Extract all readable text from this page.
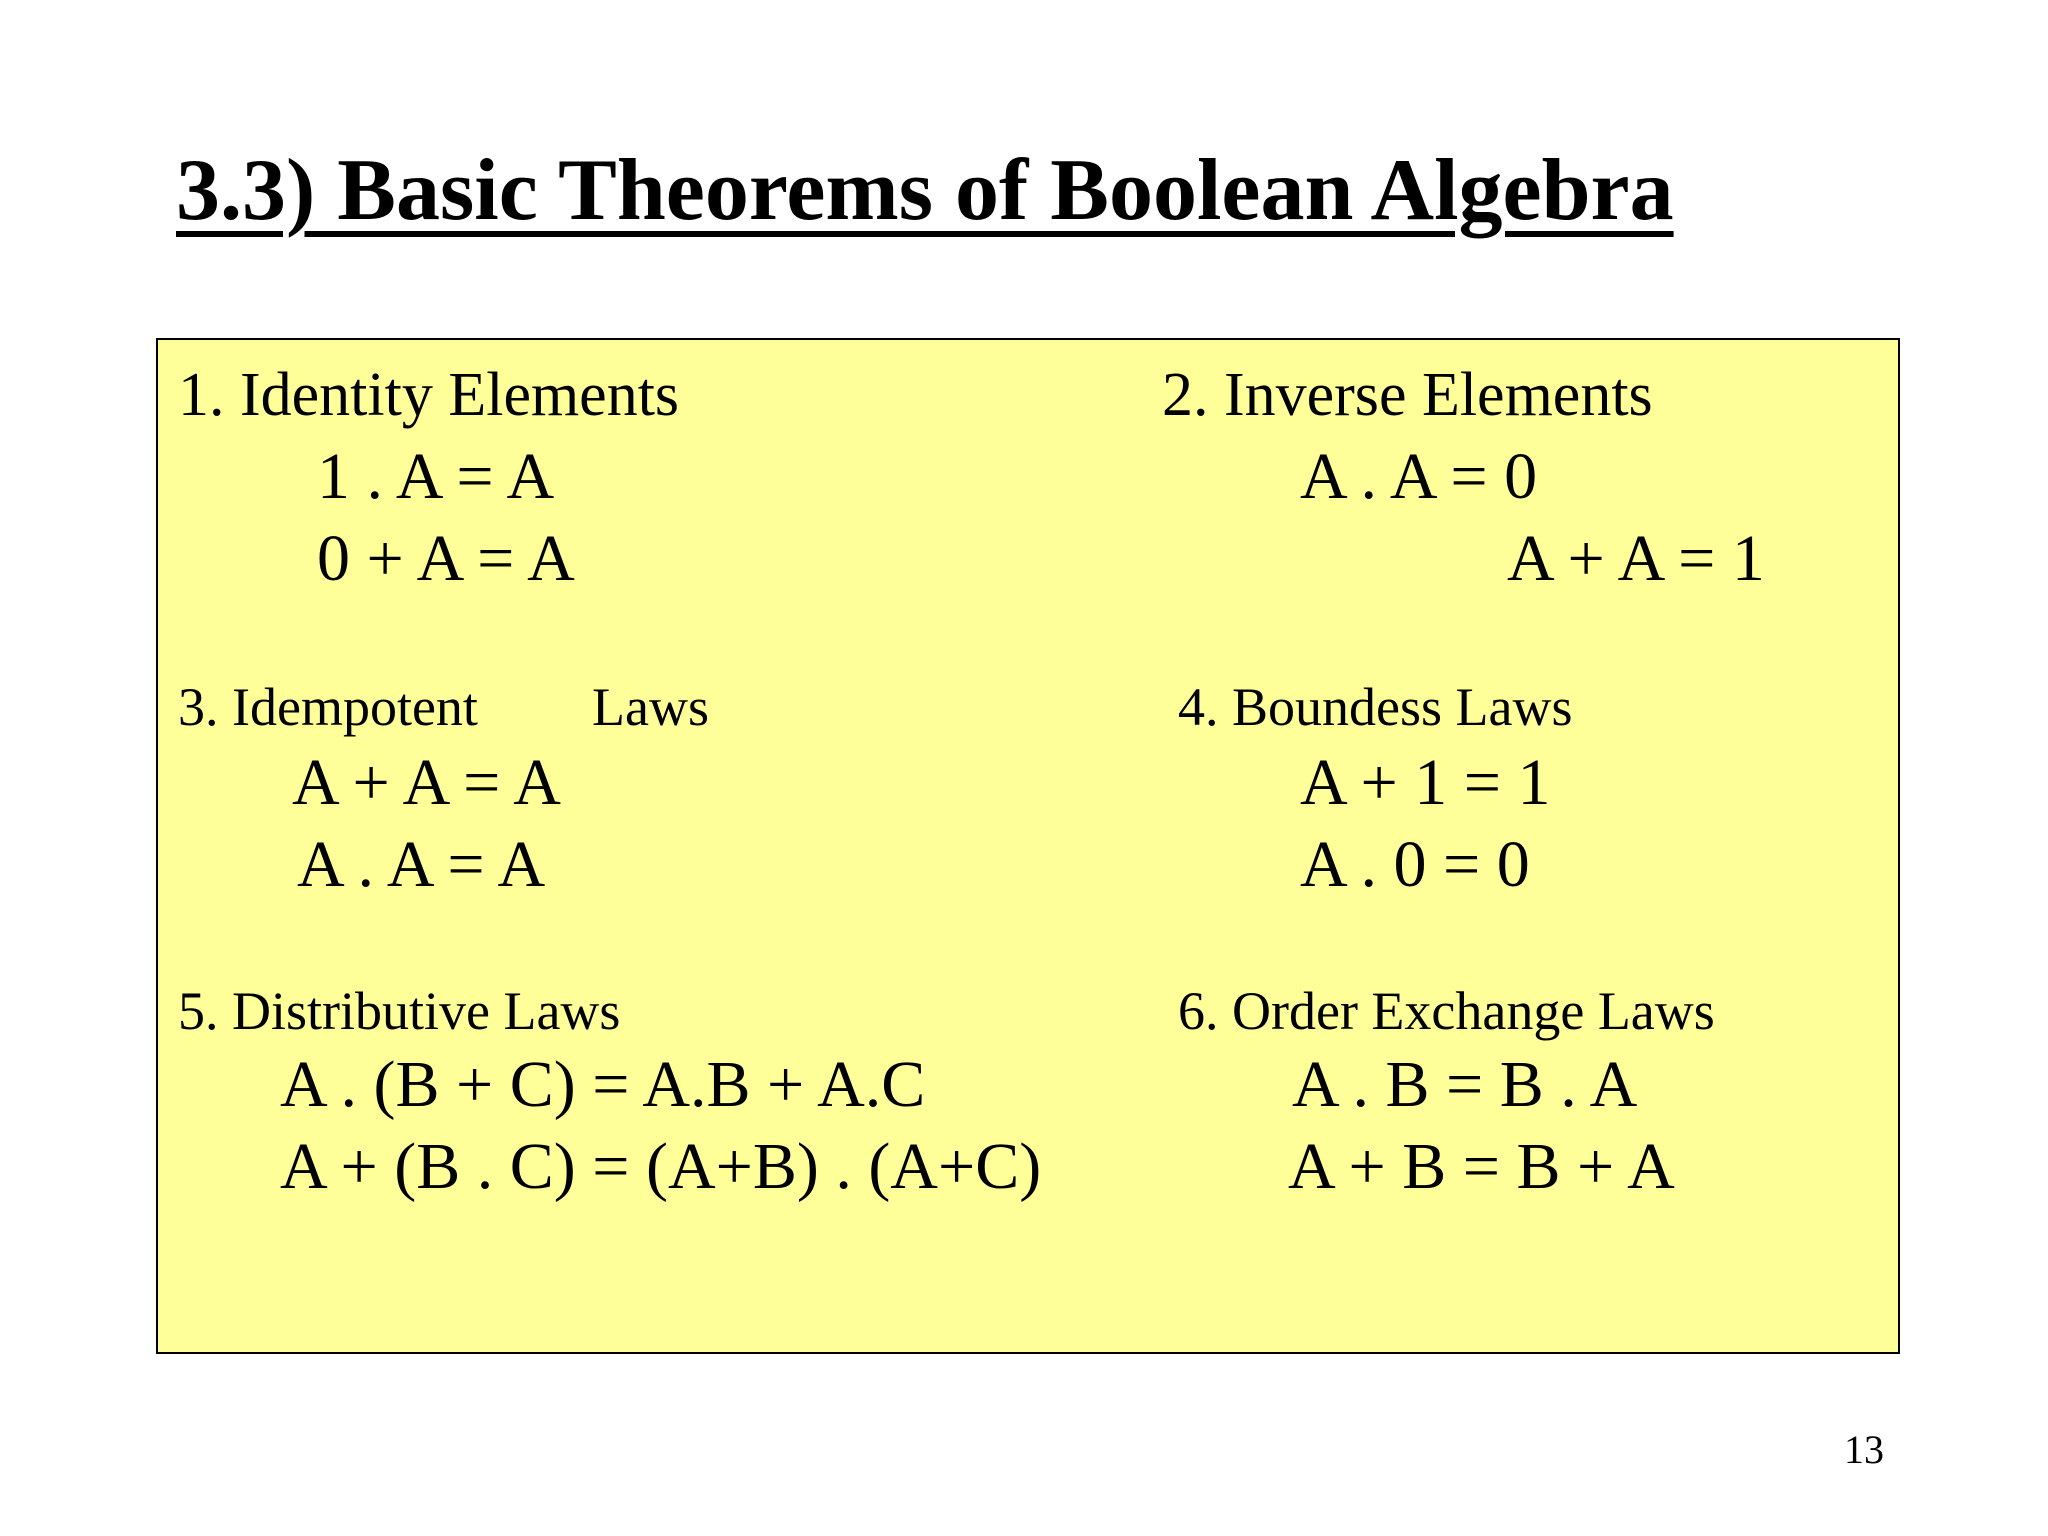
3.3) Basic Theorems of Boolean Algebra
1. Identity Elements
1 . A = A
0 + A = A
2. Inverse Elements
A . A = 0
A + A = 1
3. Idempotent Laws
A + A = A
A . A = A
4. Boundess Laws
A + 1 = 1
A . 0 = 0
5. Distributive Laws
A . (B + C) = A.B + A.C
A + (B . C) = (A+B) . (A+C)
6. Order Exchange Laws
A . B = B . A
A + B = B + A
13
